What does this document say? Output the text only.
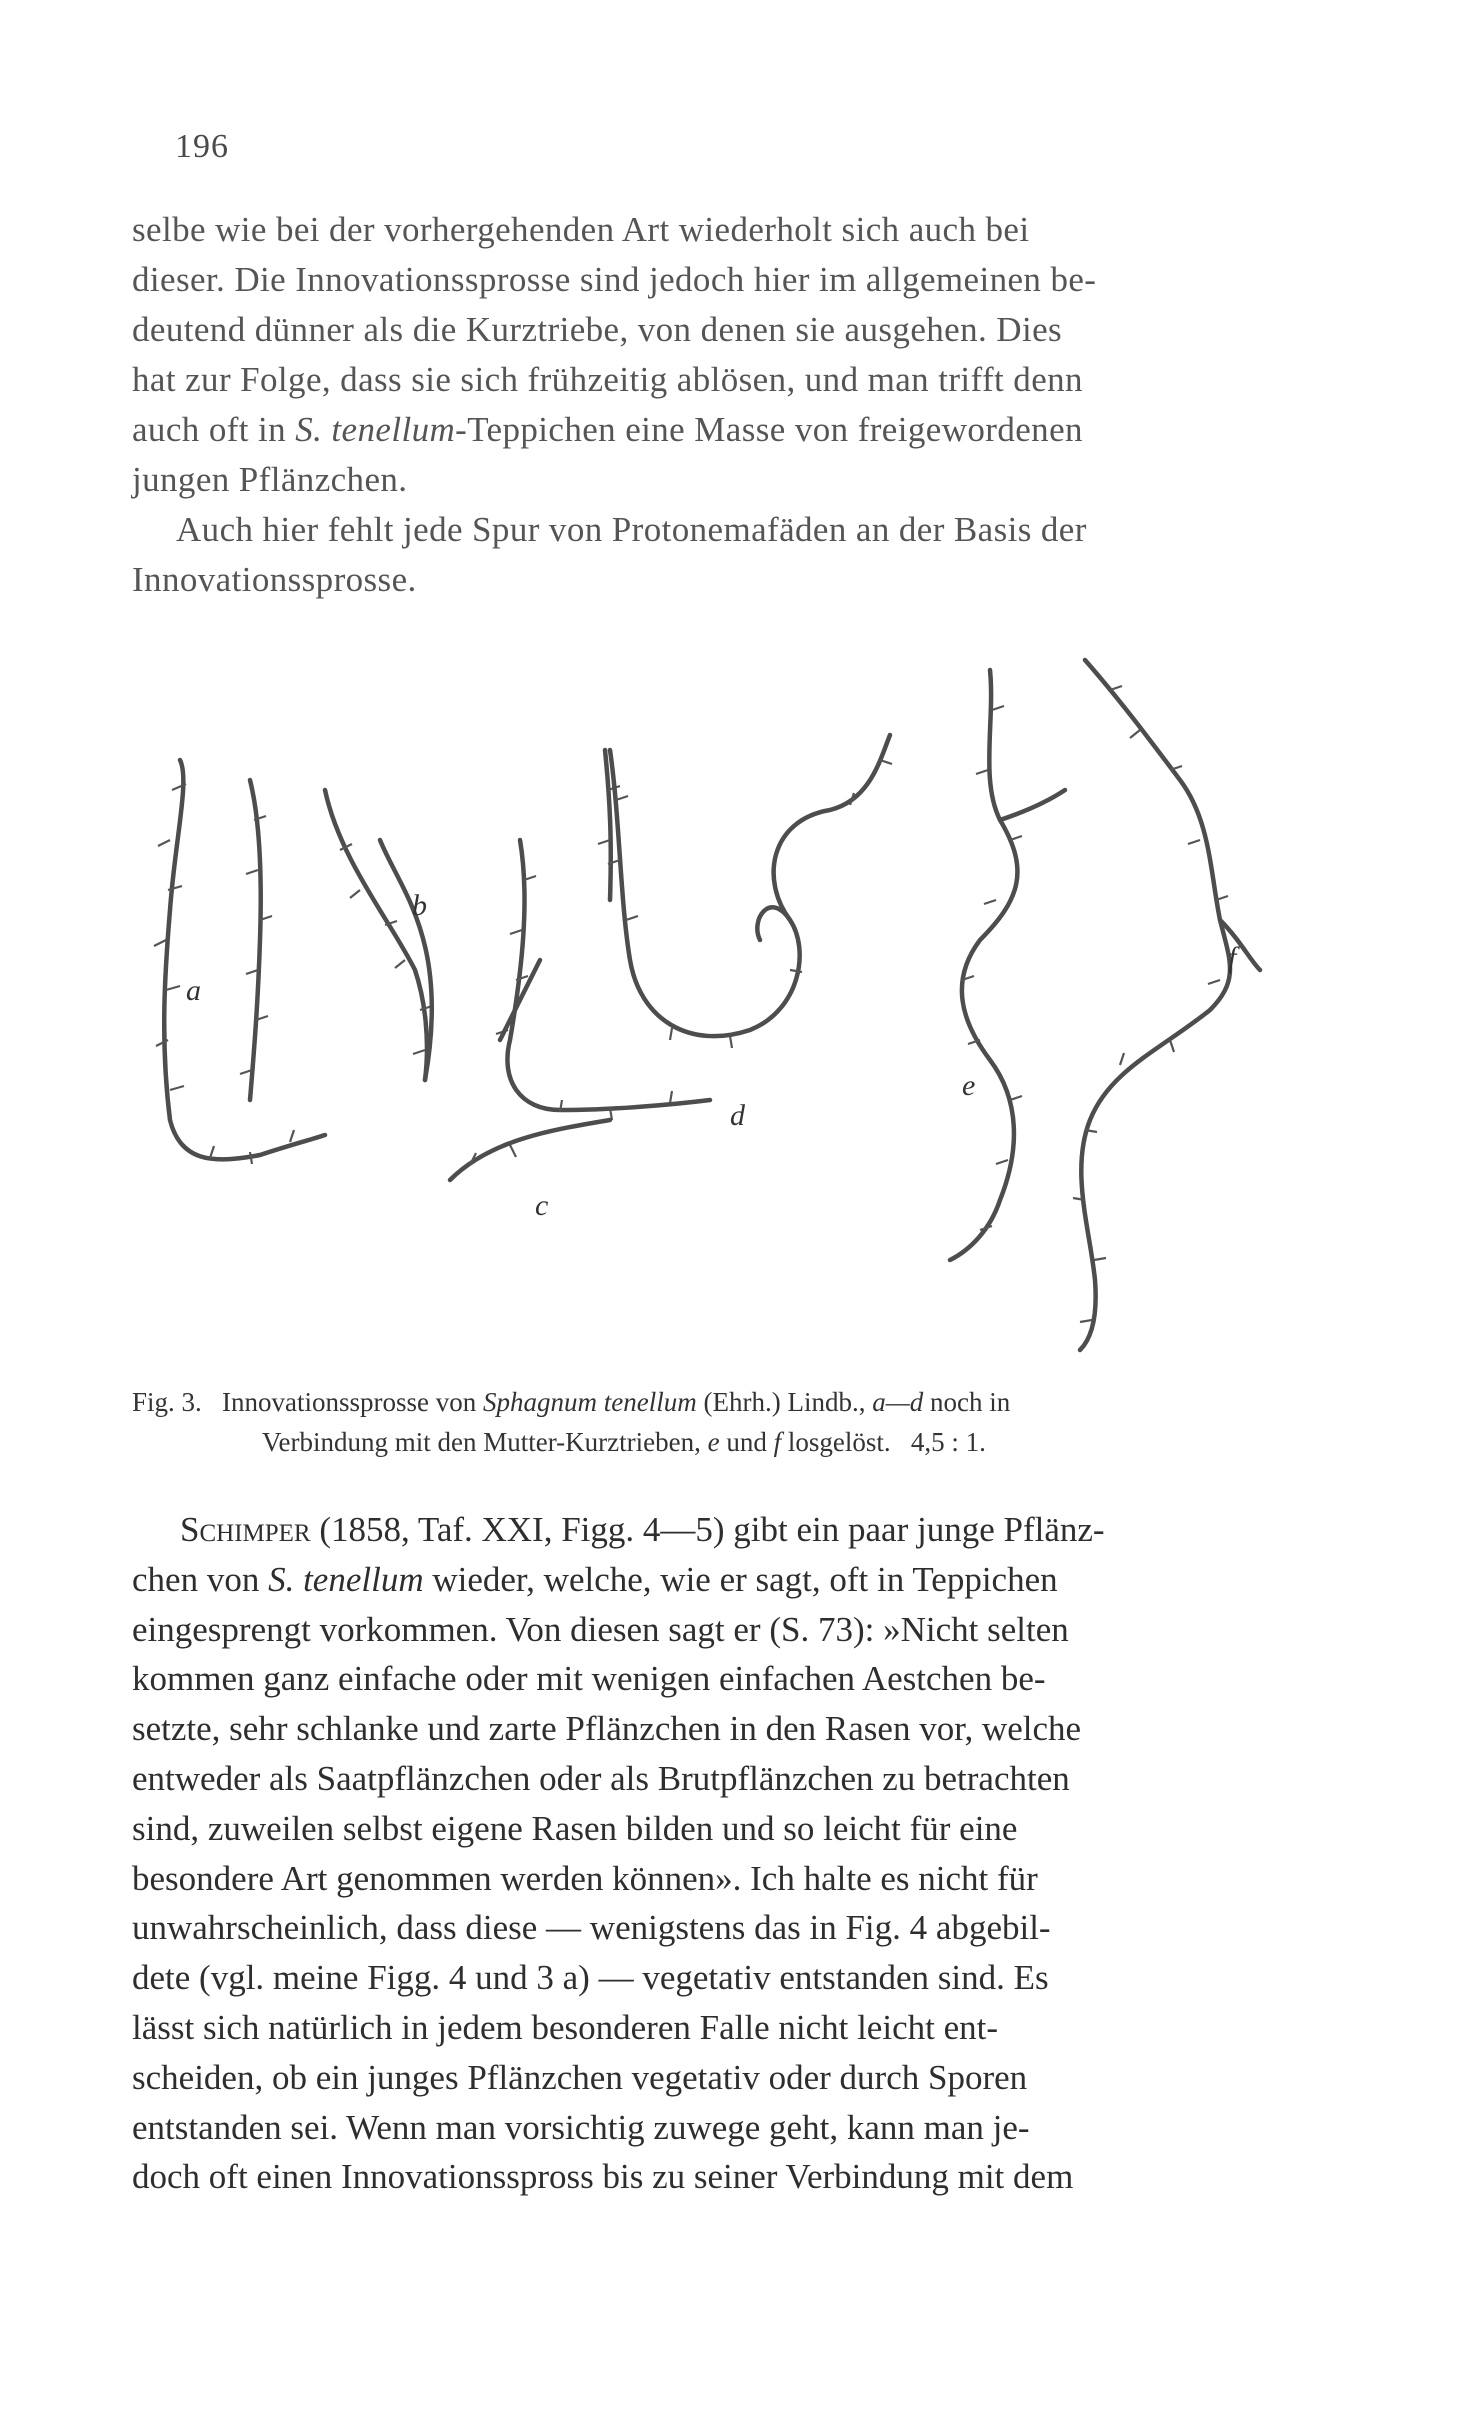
196

selbe wie bei der vorhergehenden Art wiederholt sich auch bei

dieser. Die Innovationssprosse sind jedoch hier im allgemeinen be-

deutend dünner als die Kurztriebe, von denen sie ausgehen. Dies

hat zur Folge, dass sie sich frühzeitig ablösen, und man trifft denn

auch oft in S. tenellum-Teppichen eine Masse von freigewordenen

jungen Pflänzchen.

Auch hier fehlt jede Spur von Protonemafäden an der Basis der

Innovationssprosse.

a
b
c
d
e
f

Fig. 3. Innovationssprosse von Sphagnum tenellum (Ehrh.) Lindb., a—d noch in

Verbindung mit den Mutter-Kurztrieben, e und f losgelöst. 4,5 : 1.

Schimper (1858, Taf. XXI, Figg. 4—5) gibt ein paar junge Pflänz-

chen von S. tenellum wieder, welche, wie er sagt, oft in Teppichen

eingesprengt vorkommen. Von diesen sagt er (S. 73): »Nicht selten

kommen ganz einfache oder mit wenigen einfachen Aestchen be-

setzte, sehr schlanke und zarte Pflänzchen in den Rasen vor, welche

entweder als Saatpflänzchen oder als Brutpflänzchen zu betrachten

sind, zuweilen selbst eigene Rasen bilden und so leicht für eine

besondere Art genommen werden können». Ich halte es nicht für

unwahrscheinlich, dass diese — wenigstens das in Fig. 4 abgebil-

dete (vgl. meine Figg. 4 und 3 a) — vegetativ entstanden sind. Es

lässt sich natürlich in jedem besonderen Falle nicht leicht ent-

scheiden, ob ein junges Pflänzchen vegetativ oder durch Sporen

entstanden sei. Wenn man vorsichtig zuwege geht, kann man je-

doch oft einen Innovationsspross bis zu seiner Verbindung mit dem
